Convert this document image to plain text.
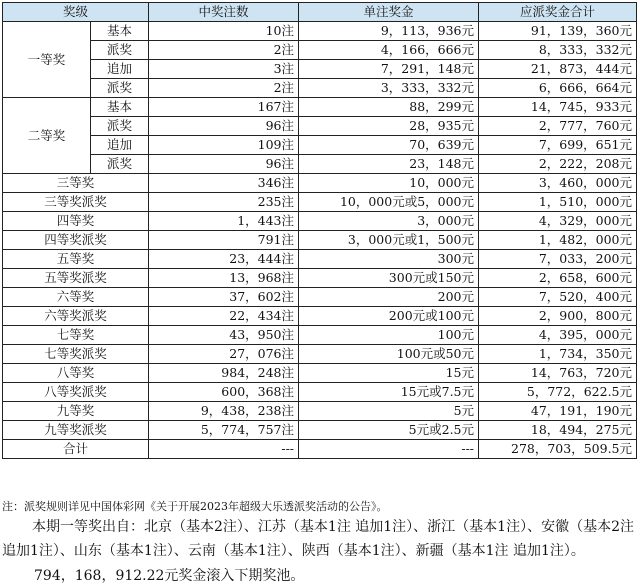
奖级		中奖注数	单注奖金	应派奖金合计
一等奖	基本	10注	9，113，936元	91，139，360元
	派奖	2注	4，166，666元	8，333，332元
	追加	3注	7，291，148元	21，873，444元
	派奖	2注	3，333，332元	6，666，664元
二等奖	基本	167注	88，299元	14，745，933元
	派奖	96注	28，935元	2，777，760元
	追加	109注	70，639元	7，699，651元
	派奖	96注	23，148元	2，222，208元
三等奖		346注	10，000元	3，460，000元
三等奖派奖		235注	10，000元或5，000元	1，510，000元
四等奖		1，443注	3，000元	4，329，000元
四等奖派奖		791注	3，000元或1，500元	1，482，000元
五等奖		23，444注	300元	7，033，200元
五等奖派奖		13，968注	300元或150元	2，658，600元
六等奖		37，602注	200元	7，520，400元
六等奖派奖		22，434注	200元或100元	2，900，800元
七等奖		43，950注	100元	4，395，000元
七等奖派奖		27，076注	100元或50元	1，734，350元
八等奖		984，248注	15元	14，763，720元
八等奖派奖		600，368注	15元或7.5元	5，772，622.5元
九等奖		9，438，238注	5元	47，191，190元
九等奖派奖		5，774，757注	5元或2.5元	18，494，275元
合计		---	---	278，703，509.5元
注：派奖规则详见中国体彩网《关于开展2023年超级大乐透派奖活动的公告》。
本期一等奖出自：北京（基本2注）、江苏（基本1注 追加1注）、浙江（基本1注）、安徽（基本2注 追加1注）、山东（基本1注）、云南（基本1注）、陕西（基本1注）、新疆（基本1注 追加1注）。
794，168，912.22元奖金滚入下期奖池。
